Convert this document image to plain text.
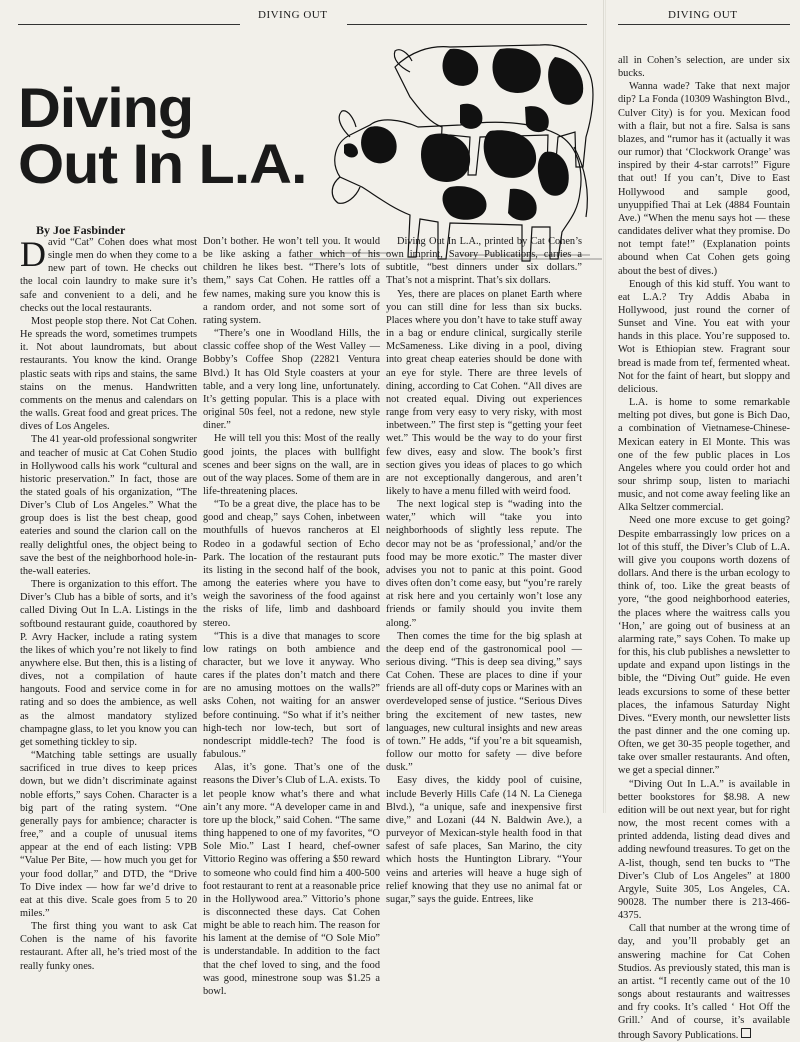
DIVING OUT	DIVING OUT
Diving
Out In L.A.
By Joe Fasbinder

David “Cat” Cohen does what most single men do when they come to a new part of town. He checks out the local coin laundry to make sure it’s safe and convenient to a deli, and he checks out the local restaurants.

Most people stop there. Not Cat Cohen. He spreads the word, sometimes trumpets it. Not about laundromats, but about restaurants. You know the kind. Orange plastic seats with rips and stains, the same stains on the menus. Handwritten comments on the menus and calendars on the walls. Great food and great prices. The dives of Los Angeles.

The 41 year-old professional songwriter and teacher of music at Cat Cohen Studio in Hollywood calls his work “cultural and historic preservation.” In fact, those are the stated goals of his organization, “The Diver’s Club of Los Angeles.” What the group does is list the best cheap, good eateries and sound the clarion call on the really delightful ones, the object being to save the best of the neighborhood hole-in-the-wall eateries.

There is organization to this effort. The Diver’s Club has a bible of sorts, and it’s called Diving Out In L.A. Listings in the softbound restaurant guide, coauthored by P. Avry Hacker, include a rating system the likes of which you’re not likely to find anywhere else. But then, this is a listing of dives, not a compilation of haute hangouts. Food and service come in for rating and so does the ambience, as well as the almost mandatory stylized champagne glass, to let you know you can get something tickley to sip.

“Matching table settings are usually sacrificed in true dives to keep prices down, but we didn’t discriminate against noble efforts,” says Cohen. Character is a big part of the rating system. “One generally pays for ambience; character is free,” and a couple of unusual items appear at the end of each listing: VPB “Value Per Bite, — how much you get for your food dollar,” and DTD, the “Drive To Dive index — how far we’d drive to eat at this dive. Scale goes from 5 to 20 miles.”

The first thing you want to ask Cat Cohen is the name of his favorite restaurant. After all, he’s tried most of the really funky ones.

Don’t bother. He won’t tell you. It would be like asking a father which of his children he likes best. “There’s lots of them,” says Cat Cohen. He rattles off a few names, making sure you know this is a random order, and not some sort of rating system.

“There’s one in Woodland Hills, the classic coffee shop of the West Valley — Bobby’s Coffee Shop (22821 Ventura Blvd.) It has Old Style coasters at your table, and a very long line, unfortunately. It’s getting popular. This is a place with original 50s feel, not a redone, new style diner.”

He will tell you this: Most of the really good joints, the places with bullfight scenes and beer signs on the wall, are in out of the way places. Some of them are in life-threatening places.

“To be a great dive, the place has to be good and cheap,” says Cohen, inbetween mouthfulls of huevos rancheros at El Rodeo in a godawful section of Echo Park. The location of the restaurant puts its listing in the second half of the book, among the eateries where you have to weigh the savoriness of the food against the risks of life, limb and dashboard stereo.

“This is a dive that manages to score low ratings on both ambience and character, but we love it anyway. Who cares if the plates don’t match and there are no amusing mottoes on the walls?” asks Cohen, not waiting for an answer before continuing. “So what if it’s neither high-tech nor low-tech, but sort of nondescript middle-tech? The food is fabulous.”

Alas, it’s gone. That’s one of the reasons the Diver’s Club of L.A. exists. To let people know what’s there and what ain’t any more. “A developer came in and tore up the block,” said Cohen. “The same thing happened to one of my favorites, “O Sole Mio.” Last I heard, chef-owner Vittorio Regino was offering a $50 reward to someone who could find him a 400-500 foot restaurant to rent at a reasonable price in the Hollywood area.” Vittorio’s phone is disconnected these days. Cat Cohen might be able to reach him. The reason for his lament at the demise of “O Sole Mio” is understandable. In addition to the fact that the chef loved to sing, and the food was good, minestrone soup was $1.25 a bowl.

Diving Out In L.A., printed by Cat Cohen’s own imprint, Savory Publications, carries a subtitle, “best dinners under six dollars.” That’s not a misprint. That’s six dollars.

Yes, there are places on planet Earth where you can still dine for less than six bucks. Places where you don’t have to take stuff away in a bag or endure clinical, surgically sterile McSameness. Like diving in a pool, diving into great cheap eateries should be done with an eye for style. There are three levels of dining, according to Cat Cohen. “All dives are not created equal. Diving out experiences range from very easy to very risky, with most inbetween.” The first step is “getting your feet wet.” This would be the way to do your first few dives, easy and slow. The book’s first section gives you ideas of places to go which are not exceptionally dangerous, and aren’t likely to have a menu filled with weird food.

The next logical step is “wading into the water,” which will “take you into neighborhoods of slightly less repute. The decor may not be as ‘professional,’ and/or the food may be more exotic.” The master diver advises you not to panic at this point. Good dives often don’t come easy, but “you’re rarely at risk here and you certainly won’t lose any friends or family should you invite them along.”

Then comes the time for the big splash at the deep end of the gastronomical pool — serious diving. “This is deep sea diving,” says Cat Cohen. These are places to dine if your friends are all off-duty cops or Marines with an overdeveloped sense of justice. “Serious Dives bring the excitement of new tastes, new languages, new cultural insights and new areas of town.” He adds, “if you’re a bit squeamish, follow our motto for safety — dive before dusk.”

Easy dives, the kiddy pool of cuisine, include Beverly Hills Cafe (14 N. La Cienega Blvd.), “a unique, safe and inexpensive first dive,” and Lozani (44 N. Baldwin Ave.), a purveyor of Mexican-style health food in that safest of safe places, San Marino, the city which hosts the Huntington Library. “Your veins and arteries will heave a huge sigh of relief knowing that they use no animal fat or sugar,” says the guide. Entrees, like

all in Cohen’s selection, are under six bucks.

Wanna wade? Take that next major dip? La Fonda (10309 Washington Blvd., Culver City) is for you. Mexican food with a flair, but not a fire. Salsa is sans blazes, and “rumor has it (actually it was our rumor) that ‘Clockwork Orange’ was inspired by their 4-star carrots!” Figure that out! If you can’t, Dive to East Hollywood and sample good, unyuppified Thai at Lek (4884 Fountain Ave.) “When the menu says hot — these candidates deliver what they promise. Do not tempt fate!” (Explanation points abound when Cat Cohen gets going about the best of dives.)

Enough of this kid stuff. You want to eat L.A.? Try Addis Ababa in Hollywood, just round the corner of Sunset and Vine. You eat with your hands in this place. You’re supposed to. Wot is Ethiopian stew. Fragrant sour bread is made from tef, fermented wheat. Not for the faint of heart, but sloppy and delicious.

L.A. is home to some remarkable melting pot dives, but gone is Bich Dao, a combination of Vietnamese-Chinese-Mexican eatery in El Monte. This was one of the few public places in Los Angeles where you could order hot and sour shrimp soup, listen to mariachi music, and not come away feeling like an Alka Seltzer commercial.

Need one more excuse to get going? Despite embarrassingly low prices on a lot of this stuff, the Diver’s Club of L.A. will give you coupons worth dozens of dollars. And there is the urban ecology to think of, too. Like the great beasts of yore, “the good neighborhood eateries, the places where the waitress calls you ‘Hon,’ are going out of business at an alarming rate,” says Cohen. To make up for this, his club publishes a newsletter to update and expand upon listings in the bible, the “Diving Out” guide. He even leads excursions to some of these better places, the infamous Saturday Night Dives. “Every month, our newsletter lists the past dinner and the one coming up. Often, we get 30-35 people together, and take over smaller restaurants. And often, we get a special dinner.”

“Diving Out In L.A.” is available in better bookstores for $8.98. A new edition will be out next year, but for right now, the most recent comes with a printed addenda, listing dead dives and adding newfound treasures. To get on the A-list, though, send ten bucks to “The Diver’s Club of Los Angeles” at 1800 Argyle, Suite 305, Los Angeles, CA. 90028. The number there is 213-466-4375.

Call that number at the wrong time of day, and you’ll probably get an answering machine for Cat Cohen Studios. As previously stated, this man is an artist. “I recently came out of the 10 songs about restaurants and waitresses and fry cooks. It’s called ‘ Hot Off the Grill.’ And of course, it’s available through Savory Publications.
